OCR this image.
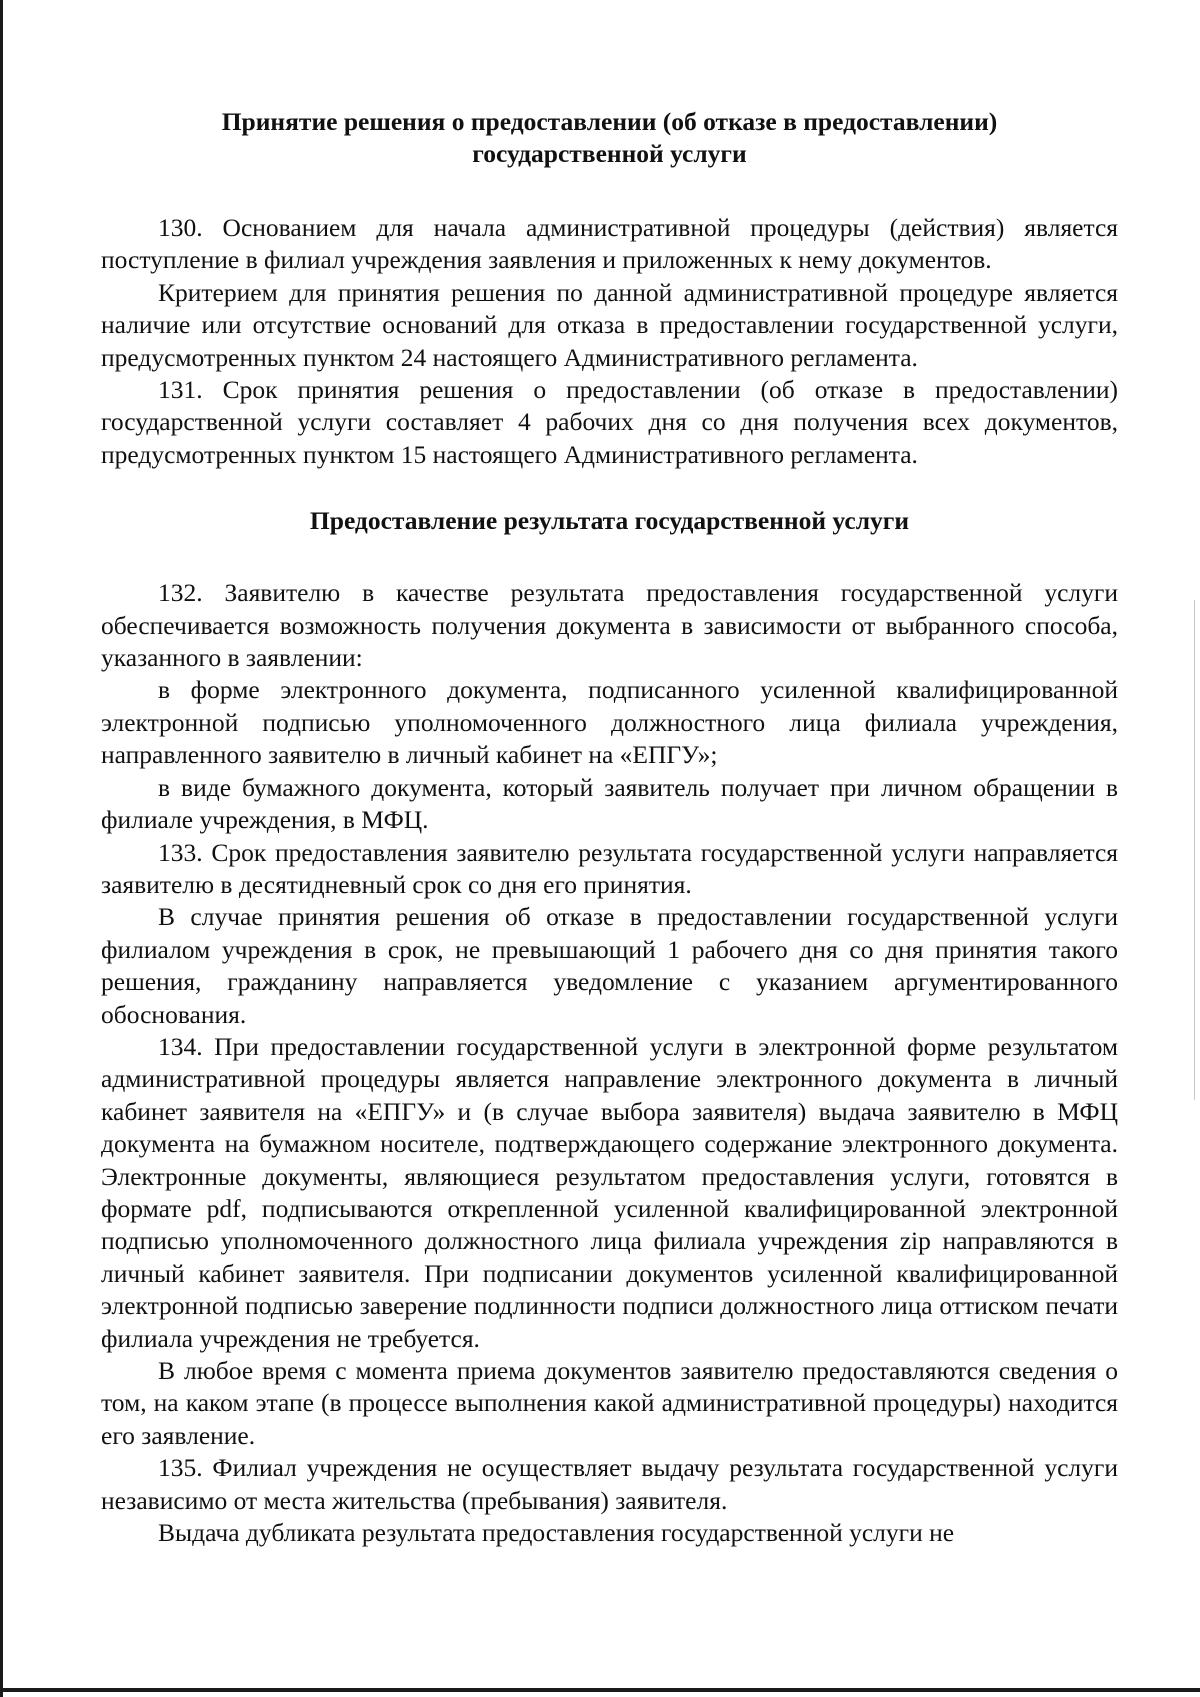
Принятие решения о предоставлении (об отказе в предоставлении)
государственной услуги

130. Основанием для начала административной процедуры (действия) является поступление в филиал учреждения заявления и приложенных к нему документов.

Критерием для принятия решения по данной административной процедуре является наличие или отсутствие оснований для отказа в предоставлении государственной услуги, предусмотренных пунктом 24 настоящего Административного регламента.

131. Срок принятия решения о предоставлении (об отказе в предоставлении) государственной услуги составляет 4 рабочих дня со дня получения всех документов, предусмотренных пунктом 15 настоящего Административного регламента.

Предоставление результата государственной услуги

132. Заявителю в качестве результата предоставления государственной услуги обеспечивается возможность получения документа в зависимости от выбранного способа, указанного в заявлении:

в форме электронного документа, подписанного усиленной квалифицированной электронной подписью уполномоченного должностного лица филиала учреждения, направленного заявителю в личный кабинет на «ЕПГУ»;

в виде бумажного документа, который заявитель получает при личном обращении в филиале учреждения, в МФЦ.

133. Срок предоставления заявителю результата государственной услуги направляется заявителю в десятидневный срок со дня его принятия.

В случае принятия решения об отказе в предоставлении государственной услуги филиалом учреждения в срок, не превышающий 1 рабочего дня со дня принятия такого решения, гражданину направляется уведомление с указанием аргументированного обоснования.

134. При предоставлении государственной услуги в электронной форме результатом административной процедуры является направление электронного документа в личный кабинет заявителя на «ЕПГУ» и (в случае выбора заявителя) выдача заявителю в МФЦ документа на бумажном носителе, подтверждающего содержание электронного документа. Электронные документы, являющиеся результатом предоставления услуги, готовятся в формате pdf, подписываются открепленной усиленной квалифицированной электронной подписью уполномоченного должностного лица филиала учреждения zip направляются в личный кабинет заявителя. При подписании документов усиленной квалифицированной электронной подписью заверение подлинности подписи должностного лица оттиском печати филиала учреждения не требуется.

В любое время с момента приема документов заявителю предоставляются сведения о том, на каком этапе (в процессе выполнения какой административной процедуры) находится его заявление.

135. Филиал учреждения не осуществляет выдачу результата государственной услуги независимо от места жительства (пребывания) заявителя.

Выдача дубликата результата предоставления государственной услуги не
